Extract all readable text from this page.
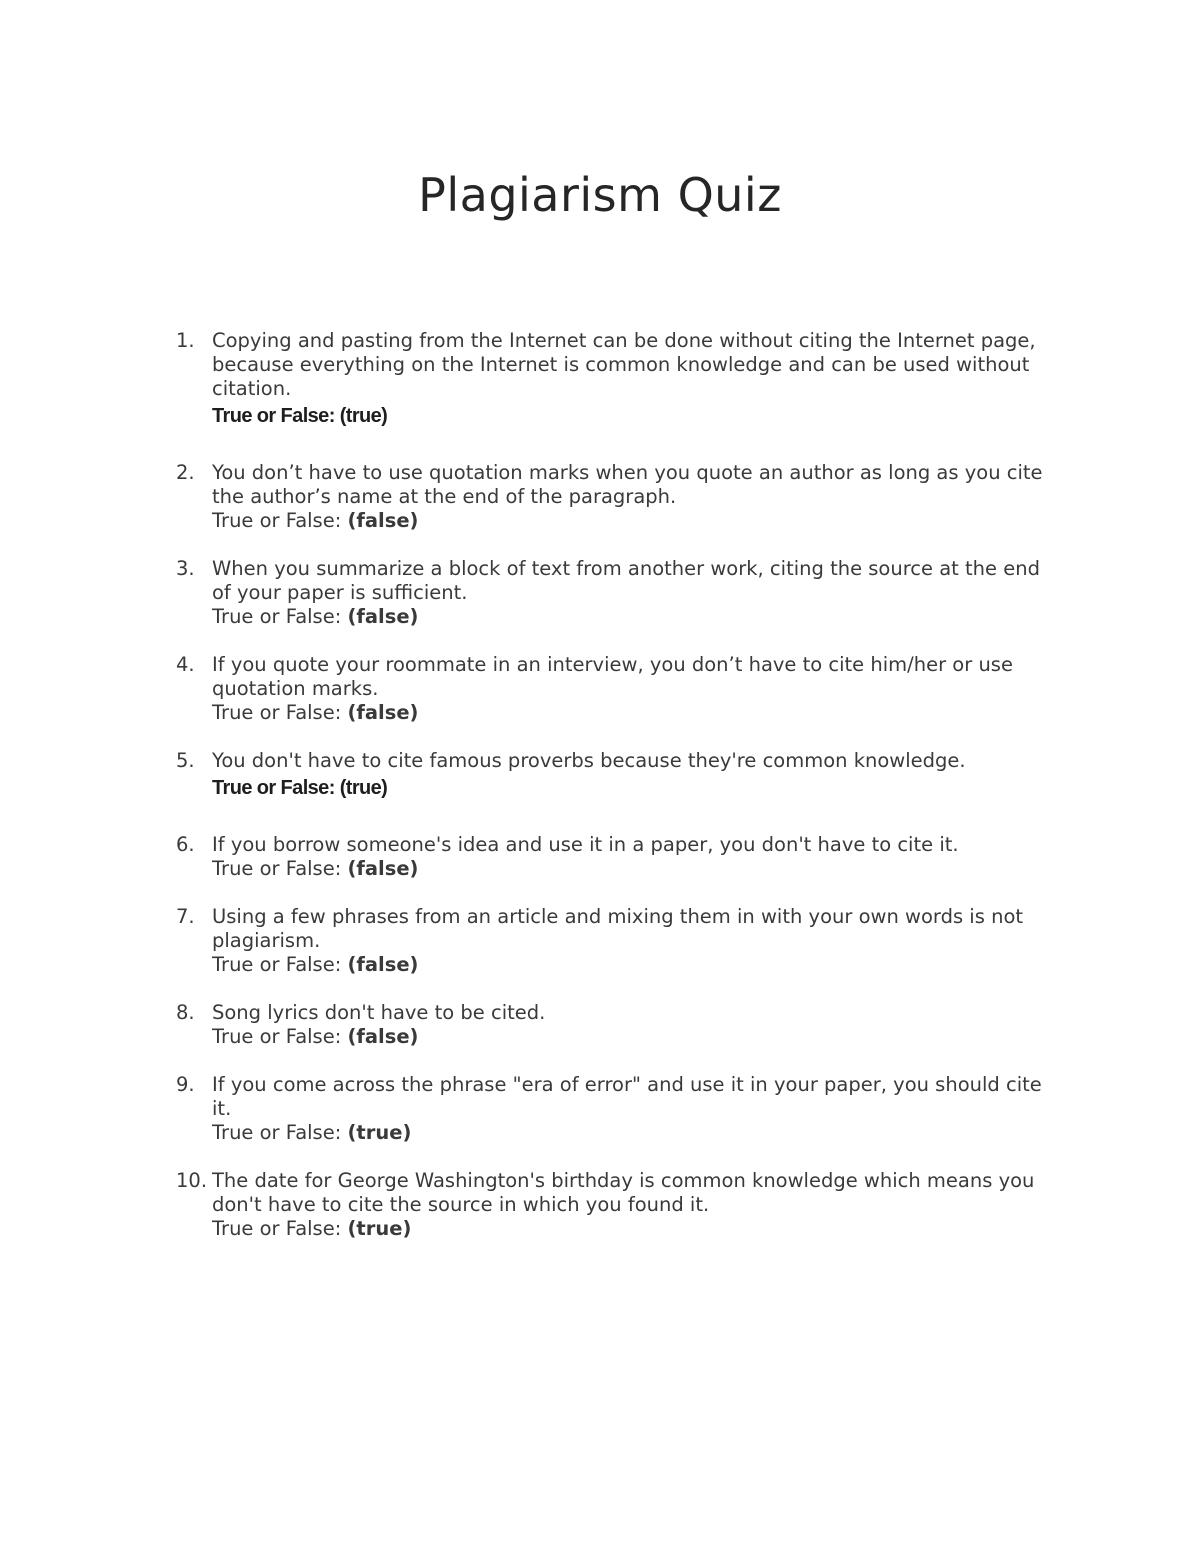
Plagiarism Quiz
1. Copying and pasting from the Internet can be done without citing the Internet page, because everything on the Internet is common knowledge and can be used without citation.
True or False: (true)
2. You don’t have to use quotation marks when you quote an author as long as you cite the author’s name at the end of the paragraph.
True or False: (false)
3. When you summarize a block of text from another work, citing the source at the end of your paper is sufficient.
True or False: (false)
4. If you quote your roommate in an interview, you don’t have to cite him/her or use quotation marks.
True or False: (false)
5. You don't have to cite famous proverbs because they're common knowledge.
True or False: (true)
6. If you borrow someone's idea and use it in a paper, you don't have to cite it.
True or False: (false)
7. Using a few phrases from an article and mixing them in with your own words is not plagiarism.
True or False: (false)
8. Song lyrics don't have to be cited.
True or False: (false)
9. If you come across the phrase "era of error" and use it in your paper, you should cite it.
True or False: (true)
10. The date for George Washington's birthday is common knowledge which means you don't have to cite the source in which you found it.
True or False: (true)
